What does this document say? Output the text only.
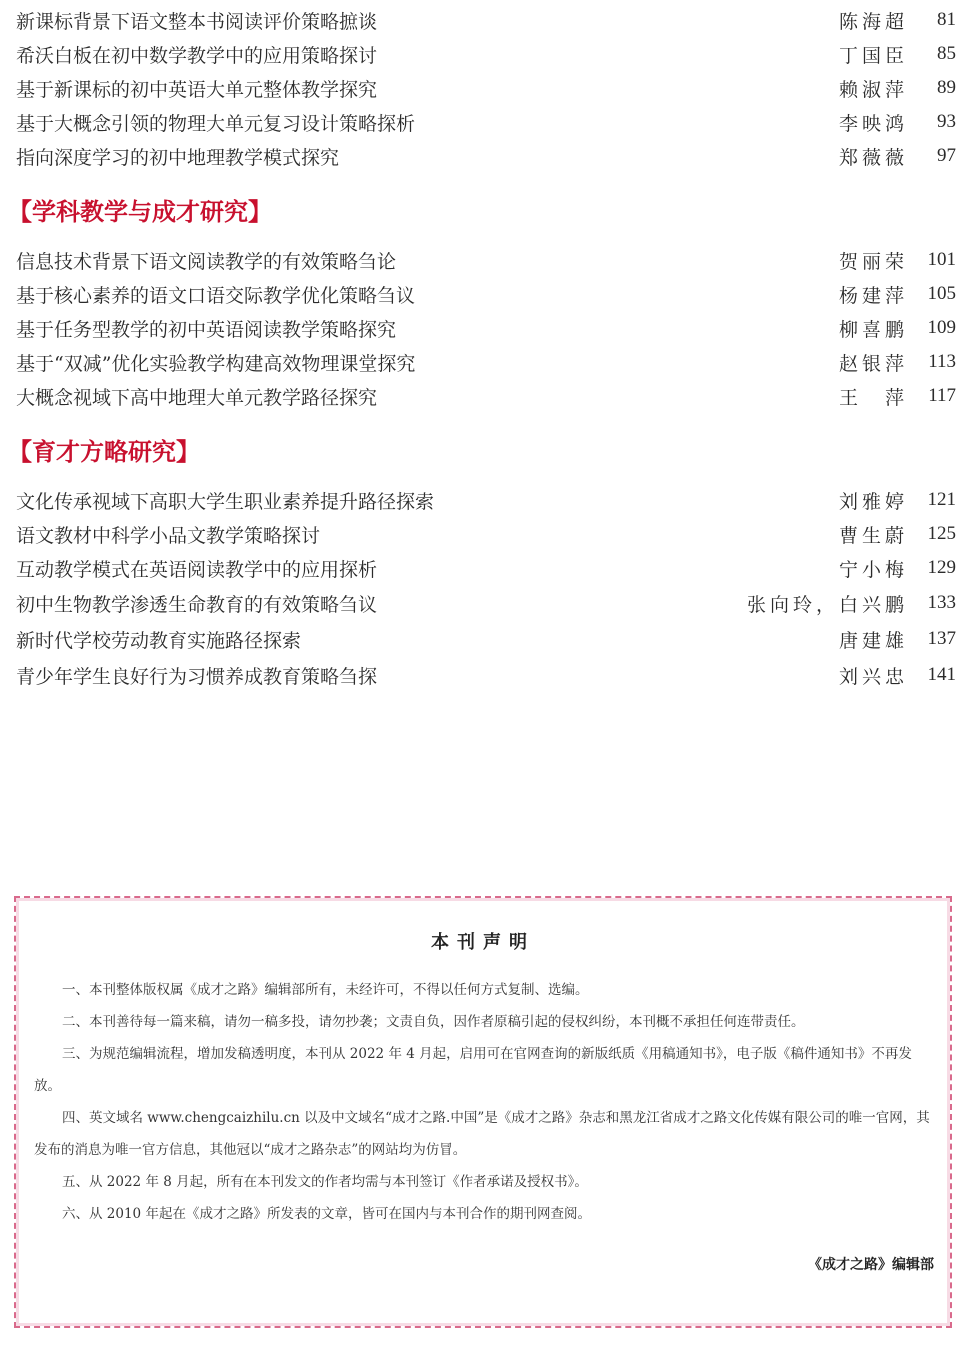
新课标背景下语文整本书阅读评价策略摭谈	陈海超	81
希沃白板在初中数学教学中的应用策略探讨	丁国臣	85
基于新课标的初中英语大单元整体教学探究	赖淑萍	89
基于大概念引领的物理大单元复习设计策略探析	李映鸿	93
指向深度学习的初中地理教学模式探究	郑薇薇	97
【学科教学与成才研究】
信息技术背景下语文阅读教学的有效策略刍论	贺丽荣	101
基于核心素养的语文口语交际教学优化策略刍议	杨建萍	105
基于任务型教学的初中英语阅读教学策略探究	柳喜鹏	109
基于“双减”优化实验教学构建高效物理课堂探究	赵银萍	113
大概念视域下高中地理大单元教学路径探究	王　萍	117
【育才方略研究】
文化传承视域下高职大学生职业素养提升路径探索	刘雅婷	121
语文教材中科学小品文教学策略探讨	曹生蔚	125
互动教学模式在英语阅读教学中的应用探析	宁小梅	129
初中生物教学渗透生命教育的有效策略刍议	张向玲，白兴鹏	133
新时代学校劳动教育实施路径探索	唐建雄	137
青少年学生良好行为习惯养成教育策略刍探	刘兴忠	141
本刊声明

一、本刊整体版权属《成才之路》编辑部所有，未经许可，不得以任何方式复制、选编。

二、本刊善待每一篇来稿，请勿一稿多投，请勿抄袭；文责自负，因作者原稿引起的侵权纠纷，本刊概不承担任何连带责任。

三、为规范编辑流程，增加发稿透明度，本刊从 2022 年 4 月起，启用可在官网查询的新版纸质《用稿通知书》，电子版《稿件通知书》不再发放。

四、英文域名 www.chengcaizhilu.cn 以及中文域名“成才之路.中国”是《成才之路》杂志和黑龙江省成才之路文化传媒有限公司的唯一官网，其发布的消息为唯一官方信息，其他冠以“成才之路杂志”的网站均为仿冒。

五、从 2022 年 8 月起，所有在本刊发文的作者均需与本刊签订《作者承诺及授权书》。

六、从 2010 年起在《成才之路》所发表的文章，皆可在国内与本刊合作的期刊网查阅。

《成才之路》编辑部
